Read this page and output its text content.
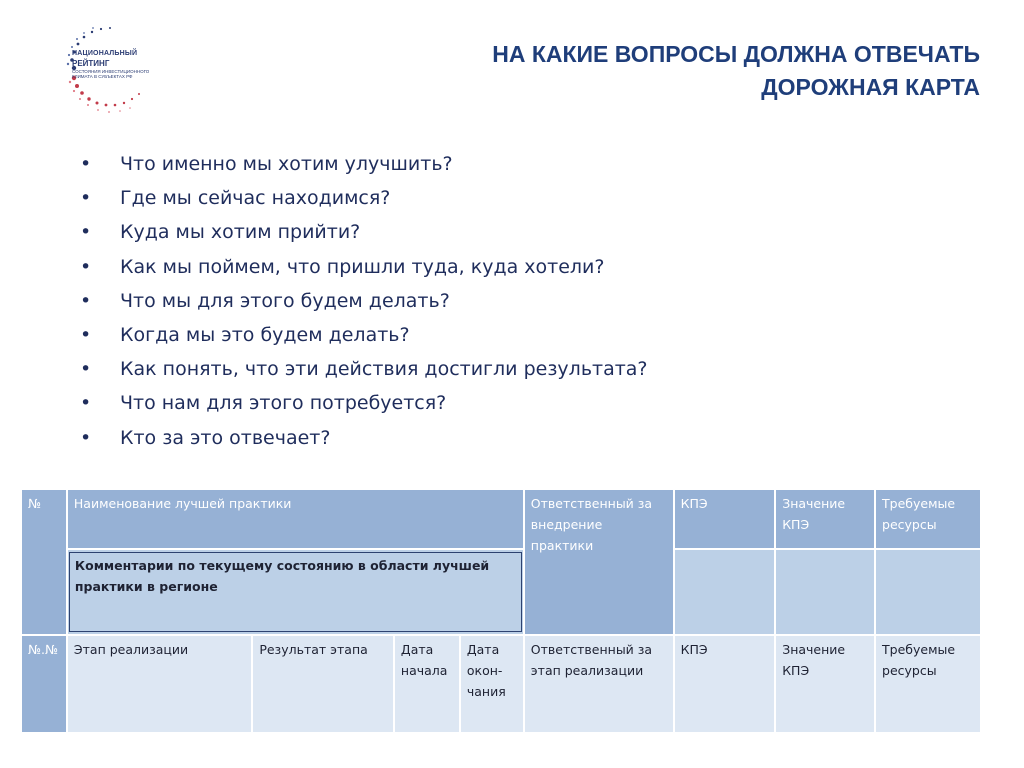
НАЦИОНАЛЬНЫЙ
РЕЙТИНГ
СОСТОЯНИЯ ИНВЕСТИЦИОННОГО КЛИМАТА В СУБЪЕКТАХ РФ
НА КАКИЕ ВОПРОСЫ ДОЛЖНА ОТВЕЧАТЬ
ДОРОЖНАЯ КАРТА
• Что именно мы хотим улучшить?
• Где мы сейчас находимся?
• Куда мы хотим прийти?
• Как мы поймем, что пришли туда, куда хотели?
• Что мы для этого будем делать?
• Когда мы это будем делать?
• Как понять, что эти действия достигли результата?
• Что нам для этого потребуется?
• Кто за это отвечает?
№	Наименование лучшей практики				Ответственный за внедрение практики	КПЭ	Значение КПЭ	Требуемые ресурсы

	Комментарии по текущему состоянию в области лучшей практики в регионе							

№.№	Этап реализации	Результат этапа	Дата начала	Дата окон-чания	Ответственный за этап реализации	КПЭ	Значение КПЭ	Требуемые ресурсы
